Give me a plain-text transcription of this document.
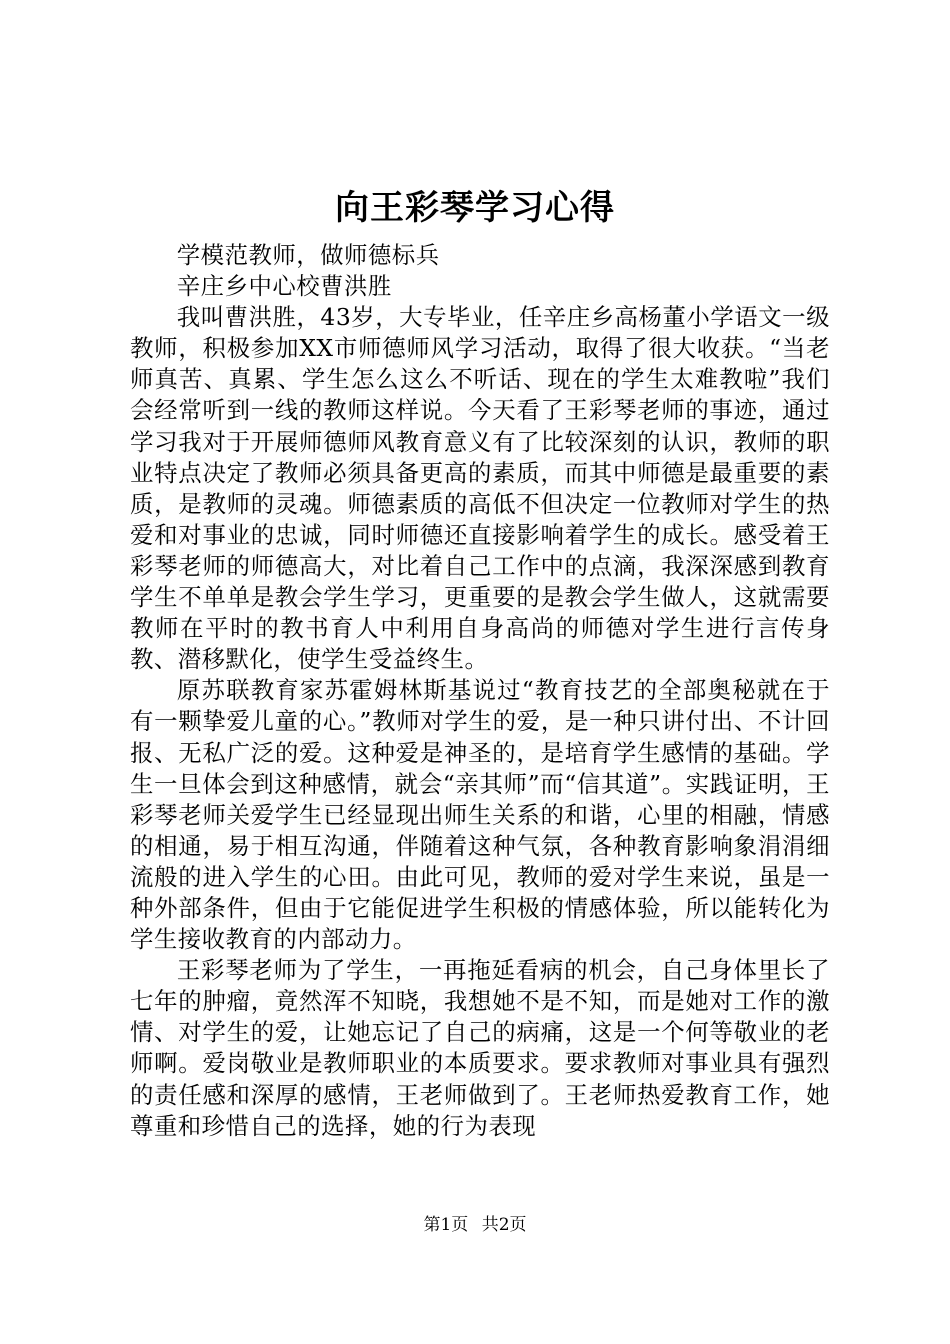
向王彩琴学习心得

学模范教师，做师德标兵

辛庄乡中心校曹洪胜

我叫曹洪胜，43岁，大专毕业，任辛庄乡高杨董小学语文一级教师，积极参加XX市师德师风学习活动，取得了很大收获。“当老师真苦、真累、学生怎么这么不听话、现在的学生太难教啦”我们会经常听到一线的教师这样说。今天看了王彩琴老师的事迹，通过学习我对于开展师德师风教育意义有了比较深刻的认识，教师的职业特点决定了教师必须具备更高的素质，而其中师德是最重要的素质，是教师的灵魂。师德素质的高低不但决定一位教师对学生的热爱和对事业的忠诚，同时师德还直接影响着学生的成长。感受着王彩琴老师的师德高大，对比着自己工作中的点滴，我深深感到教育学生不单单是教会学生学习，更重要的是教会学生做人，这就需要教师在平时的教书育人中利用自身高尚的师德对学生进行言传身教、潜移默化，使学生受益终生。

原苏联教育家苏霍姆林斯基说过“教育技艺的全部奥秘就在于有一颗挚爱儿童的心。”教师对学生的爱，是一种只讲付出、不计回报、无私广泛的爱。这种爱是神圣的，是培育学生感情的基础。学生一旦体会到这种感情，就会“亲其师”而“信其道”。实践证明，王彩琴老师关爱学生已经显现出师生关系的和谐，心里的相融，情感的相通，易于相互沟通，伴随着这种气氛，各种教育影响象涓涓细流般的进入学生的心田。由此可见，教师的爱对学生来说，虽是一种外部条件，但由于它能促进学生积极的情感体验，所以能转化为学生接收教育的内部动力。

王彩琴老师为了学生，一再拖延看病的机会，自己身体里长了七年的肿瘤，竟然浑不知晓，我想她不是不知，而是她对工作的激情、对学生的爱，让她忘记了自己的病痛，这是一个何等敬业的老师啊。爱岗敬业是教师职业的本质要求。要求教师对事业具有强烈的责任感和深厚的感情，王老师做到了。王老师热爱教育工作，她尊重和珍惜自己的选择，她的行为表现

第1页 共2页
